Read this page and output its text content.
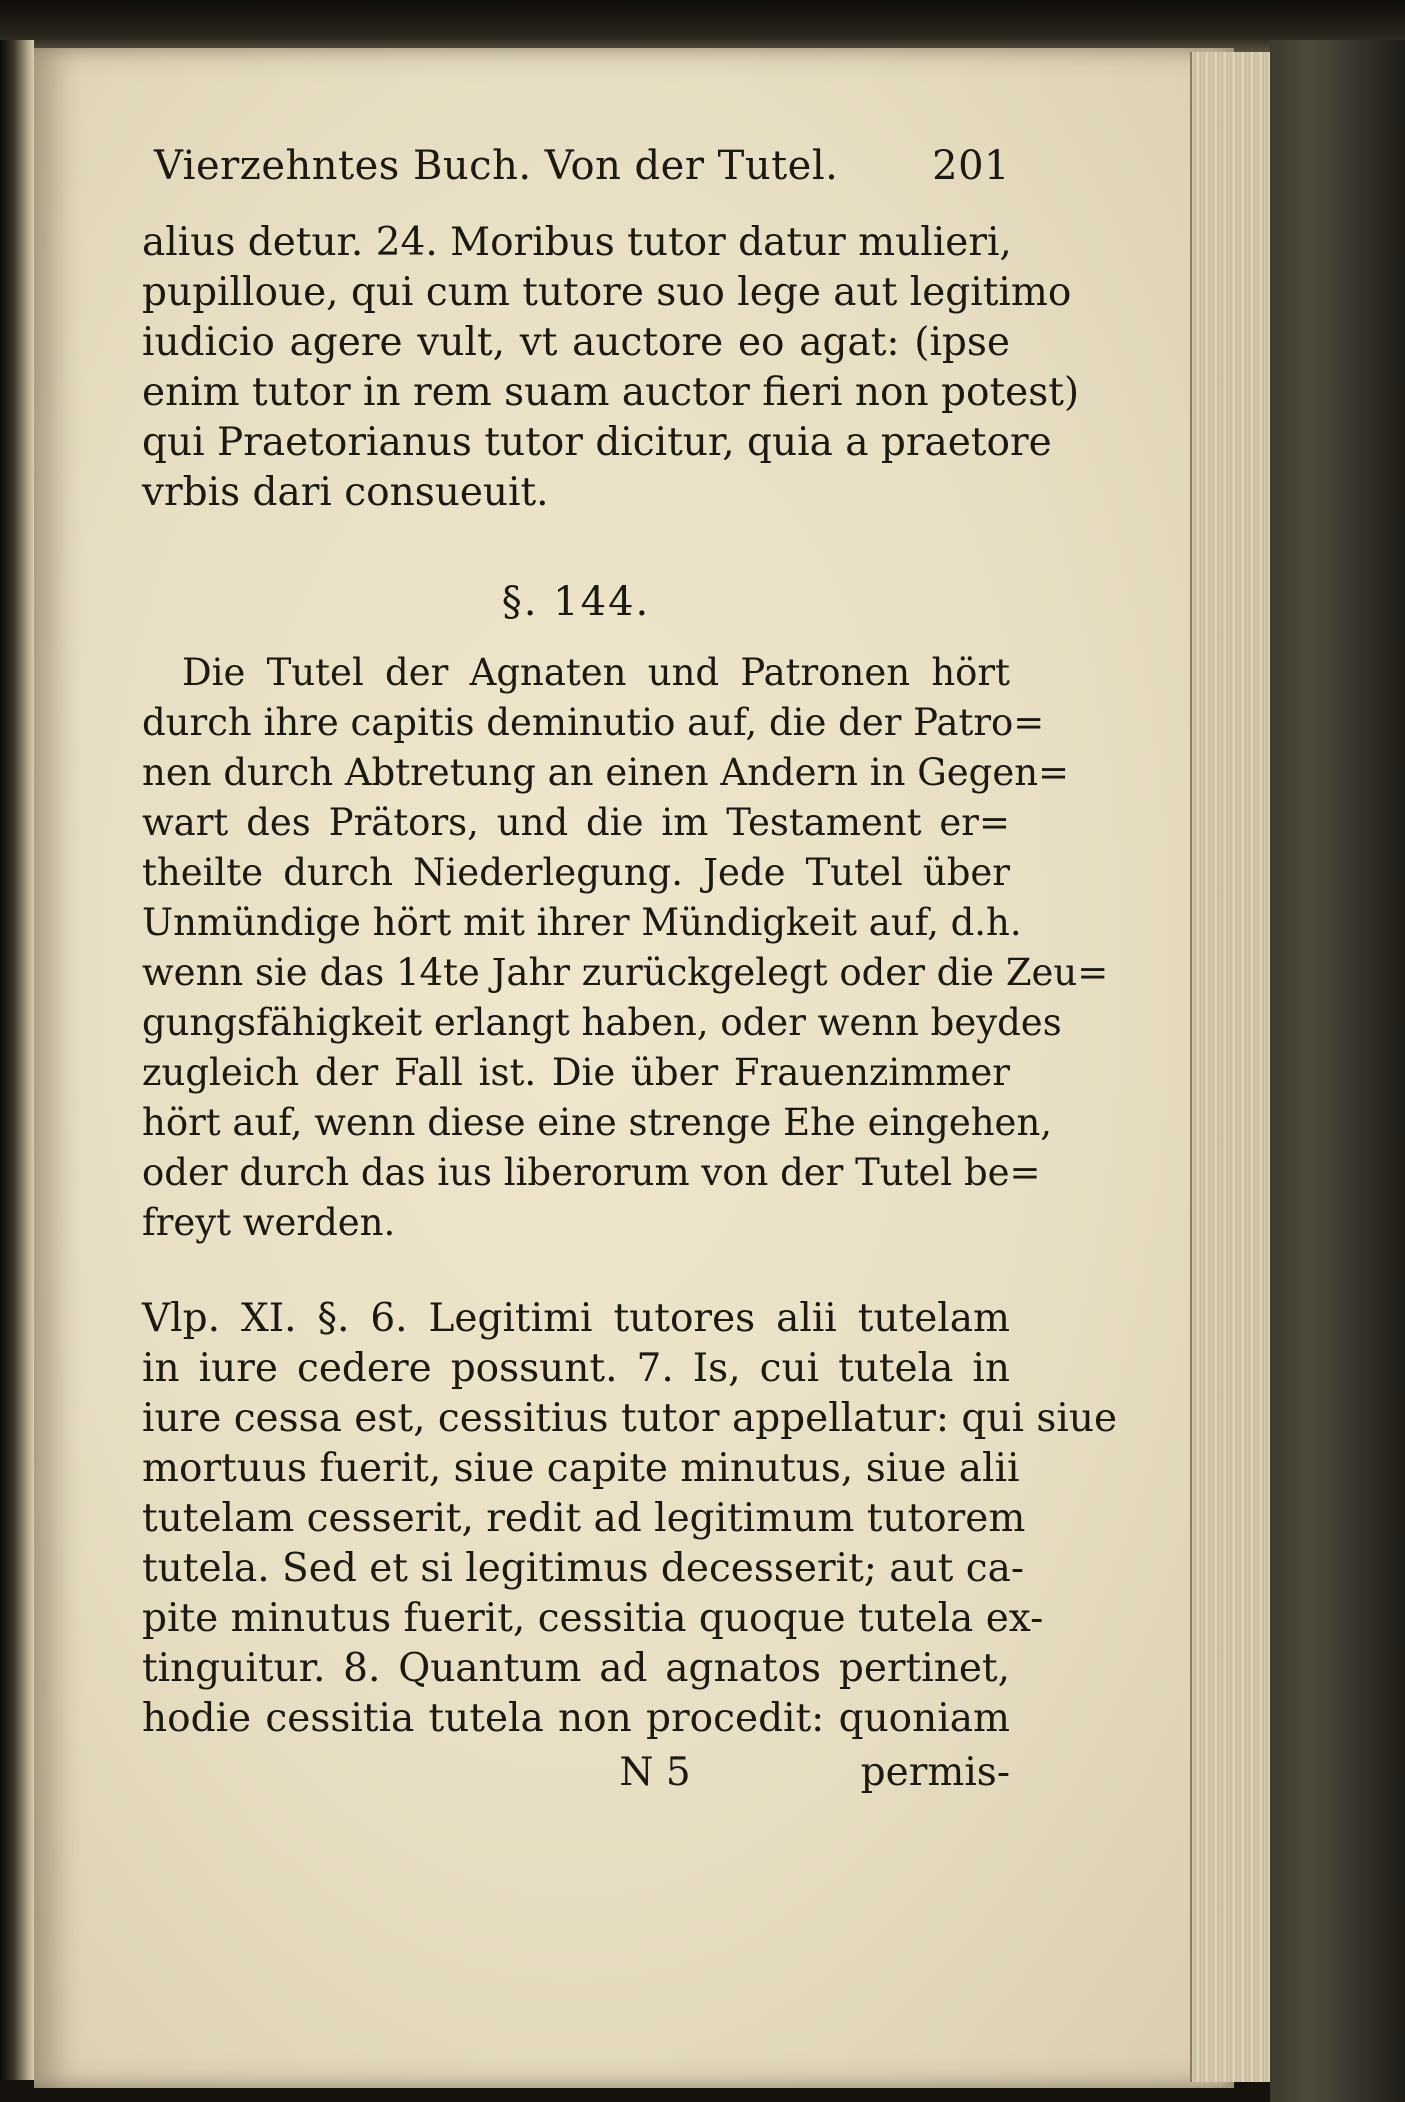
Vierzehntes Buch. Von der Tutel. 201

alius detur. 24. Moribus tutor datur mulieri,
pupilloue, qui cum tutore suo lege aut legitimo
iudicio agere vult, vt auctore eo agat: (ipse
enim tutor in rem suam auctor fieri non potest)
qui Praetorianus tutor dicitur, quia a praetore
vrbis dari consueuit.

§. 144.

Die Tutel der Agnaten und Patronen hört
durch ihre capitis deminutio auf, die der Patro=
nen durch Abtretung an einen Andern in Gegen=
wart des Prätors, und die im Testament er=
theilte durch Niederlegung. Jede Tutel über
Unmündige hört mit ihrer Mündigkeit auf, d.h.
wenn sie das 14te Jahr zurückgelegt oder die Zeu=
gungsfähigkeit erlangt haben, oder wenn beydes
zugleich der Fall ist. Die über Frauenzimmer
hört auf, wenn diese eine strenge Ehe eingehen,
oder durch das ius liberorum von der Tutel be=
freyt werden.

Vlp. XI. §. 6. Legitimi tutores alii tutelam
in iure cedere possunt. 7. Is, cui tutela in
iure cessa est, cessitius tutor appellatur: qui siue
mortuus fuerit, siue capite minutus, siue alii
tutelam cesserit, redit ad legitimum tutorem
tutela. Sed et si legitimus decesserit; aut ca-
pite minutus fuerit, cessitia quoque tutela ex-
tinguitur. 8. Quantum ad agnatos pertinet,
hodie cessitia tutela non procedit: quoniam

N 5	permis-
